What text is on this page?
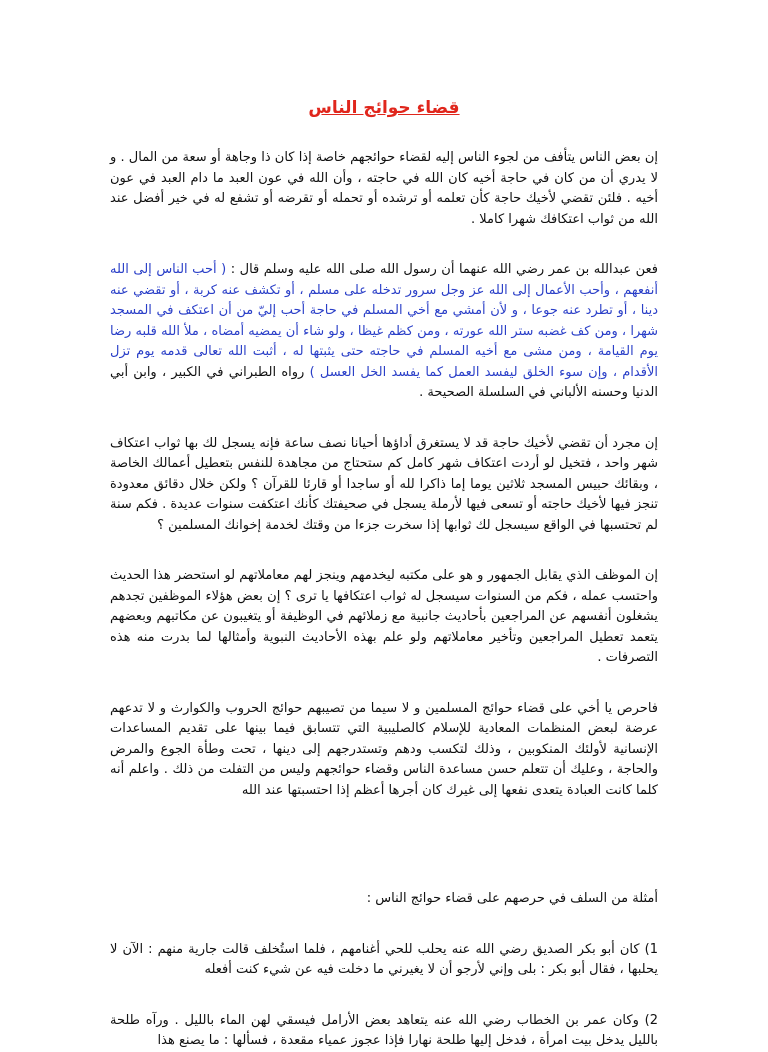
قضاء حوائج الناس

إن بعض الناس يتأفف من لجوء الناس إليه لقضاء حوائجهم خاصة إذا كان ذا وجاهة أو سعة من المال . و لا يدري أن من كان في حاجة أخيه كان الله في حاجته ، وأن الله في عون العبد ما دام العبد في عون أخيه . فلئن تقضي لأخيك حاجة كأن تعلمه أو ترشده أو تحمله أو تقرضه أو تشفع له في خير أفضل عند الله من ثواب اعتكافك شهرا كاملا .

فعن عبدالله بن عمر رضي الله عنهما أن رسول الله صلى الله عليه وسلم قال : ( أحب الناس إلى الله أنفعهم ، وأحب الأعمال إلى الله عز وجل سرور تدخله على مسلم ، أو تكشف عنه كربة ، أو تقضي عنه دينا ، أو تطرد عنه جوعا ، و لأن أمشي مع أخي المسلم في حاجة أحب إليّ من أن اعتكف في المسجد شهرا ، ومن كف غضبه ستر الله عورته ، ومن كظم غيظا ، ولو شاء أن يمضيه أمضاه ، ملأ الله قلبه رضا يوم القيامة ، ومن مشى مع أخيه المسلم في حاجته حتى يثبتها له ، أثبت الله تعالى قدمه يوم تزل الأقدام ، وإن سوء الخلق ليفسد العمل كما يفسد الخل العسل ) رواه الطبراني في الكبير ، وابن أبي الدنيا وحسنه الألباني في السلسلة الصحيحة .

إن مجرد أن تقضي لأخيك حاجة قد لا يستغرق أداؤها أحيانا نصف ساعة فإنه يسجل لك بها ثواب اعتكاف شهر واحد ، فتخيل لو أردت اعتكاف شهر كامل كم ستحتاج من مجاهدة للنفس بتعطيل أعمالك الخاصة ، وبقائك حبيس المسجد ثلاثين يوما إما ذاكرا لله أو ساجدا أو قارئا للقرآن ؟ ولكن خلال دقائق معدودة تنجز فيها لأخيك حاجته أو تسعى فيها لأرملة يسجل في صحيفتك كأنك اعتكفت سنوات عديدة . فكم سنة لم تحتسبها في الواقع سيسجل لك ثوابها إذا سخرت جزءا من وقتك لخدمة إخوانك المسلمين ؟

إن الموظف الذي يقابل الجمهور و هو على مكتبه ليخدمهم وينجز لهم معاملاتهم لو استحضر هذا الحديث واحتسب عمله ، فكم من السنوات سيسجل له ثواب اعتكافها يا ترى ؟ إن بعض هؤلاء الموظفين تجدهم يشغلون أنفسهم عن المراجعين بأحاديث جانبية مع زملائهم في الوظيفة أو يتغيبون عن مكاتبهم وبعضهم يتعمد تعطيل المراجعين وتأخير معاملاتهم ولو علم بهذه الأحاديث النبوية وأمثالها لما بدرت منه هذه التصرفات .

فاحرص يا أخي على قضاء حوائج المسلمين و لا سيما من تصيبهم حوائج الحروب والكوارث و لا تدعهم عرضة لبعض المنظمات المعادية للإسلام كالصليبية التي تتسابق فيما بينها على تقديم المساعدات الإنسانية لأولئك المنكوبين ، وذلك لتكسب ودهم وتستدرجهم إلى دينها ، تحت وطأة الجوع والمرض والحاجة ، وعليك أن تتعلم حسن مساعدة الناس وقضاء حوائجهم وليس من التفلت من ذلك . واعلم أنه كلما كانت العبادة يتعدى نفعها إلى غيرك كان أجرها أعظم إذا احتسبتها عند الله

أمثلة من السلف في حرصهم على قضاء حوائج الناس :

1) كان أبو بكر الصديق رضي الله عنه يحلب للحي أغنامهم ، فلما استُخلف قالت جارية منهم : الآن لا يحلبها ، فقال أبو بكر : بلى وإني لأرجو أن لا يغيرني ما دخلت فيه عن شيء كنت أفعله

2) وكان عمر بن الخطاب رضي الله عنه يتعاهد بعض الأرامل فيسقي لهن الماء بالليل . ورآه طلحة بالليل يدخل بيت امرأة ، فدخل إليها طلحة نهارا فإذا عجوز عمياء مقعدة ، فسألها : ما يصنع هذا
